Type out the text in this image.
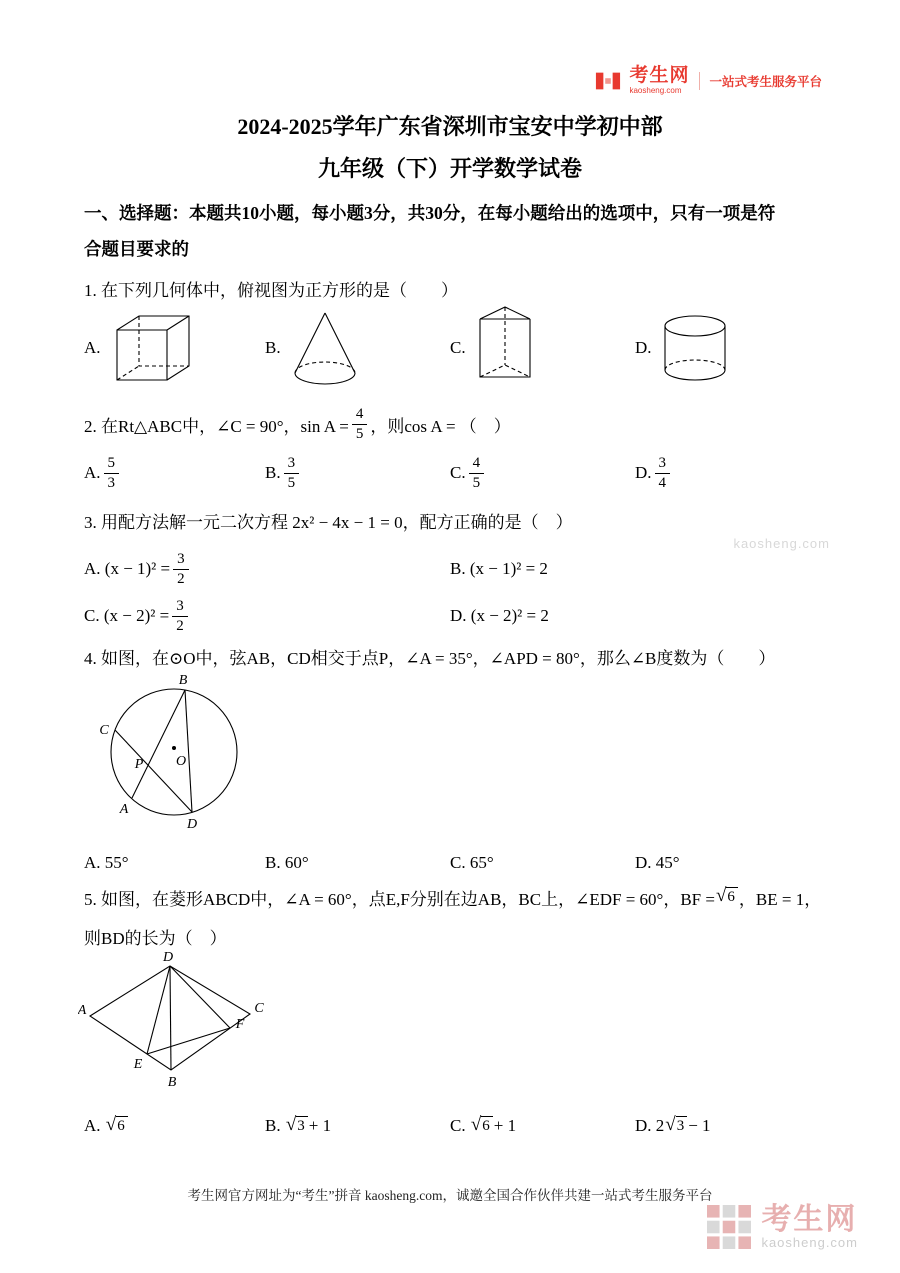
考生网
kaosheng.com
一站式考生服务平台
2024-2025学年广东省深圳市宝安中学初中部
九年级（下）开学数学试卷
一、选择题：本题共10小题，每小题3分，共30分，在每小题给出的选项中，只有一项是符
合题目要求的
1. 在下列几何体中，俯视图为正方形的是（　　）
A.	B.	C.	D.
2. 在Rt△ABC中，∠C = 90°，$\sin A = \frac{4}{5}$ ，则cos A = （　）
A. $\frac{5}{3}$	B. $\frac{3}{5}$	C. $\frac{4}{5}$	D. $\frac{3}{4}$
3. 用配方法解一元二次方程 2x² − 4x − 1 = 0，配方正确的是（　）
A. $(x - 1)^2 = \frac{3}{2}$	B. (x − 1)² = 2
C. $(x - 2)^2 = \frac{3}{2}$	D. (x − 2)² = 2
4. 如图，在⊙O中，弦AB，CD相交于点P，∠A = 35°，∠APD = 80°，那么∠B度数为（　　）
B
C
P O
A
D
A. 55°	B. 60°	C. 65°	D. 45°
5. 如图，在菱形ABCD中，∠A = 60°，点E,F分别在边AB，BC上，∠EDF = 60°，BF = √ 6 ，BE = 1，
则BD的长为（　）
D
A	C
E
F
B
A.
√ 6	B.
√ 3 + 1	C.
√ 6 + 1	D.
2 √ 3 − 1
考生网官方网址为“考生”拼音 kaosheng.com，诚邀全国合作伙伴共建一站式考生服务平台
kaosheng.com
考生网
kaosheng.com
